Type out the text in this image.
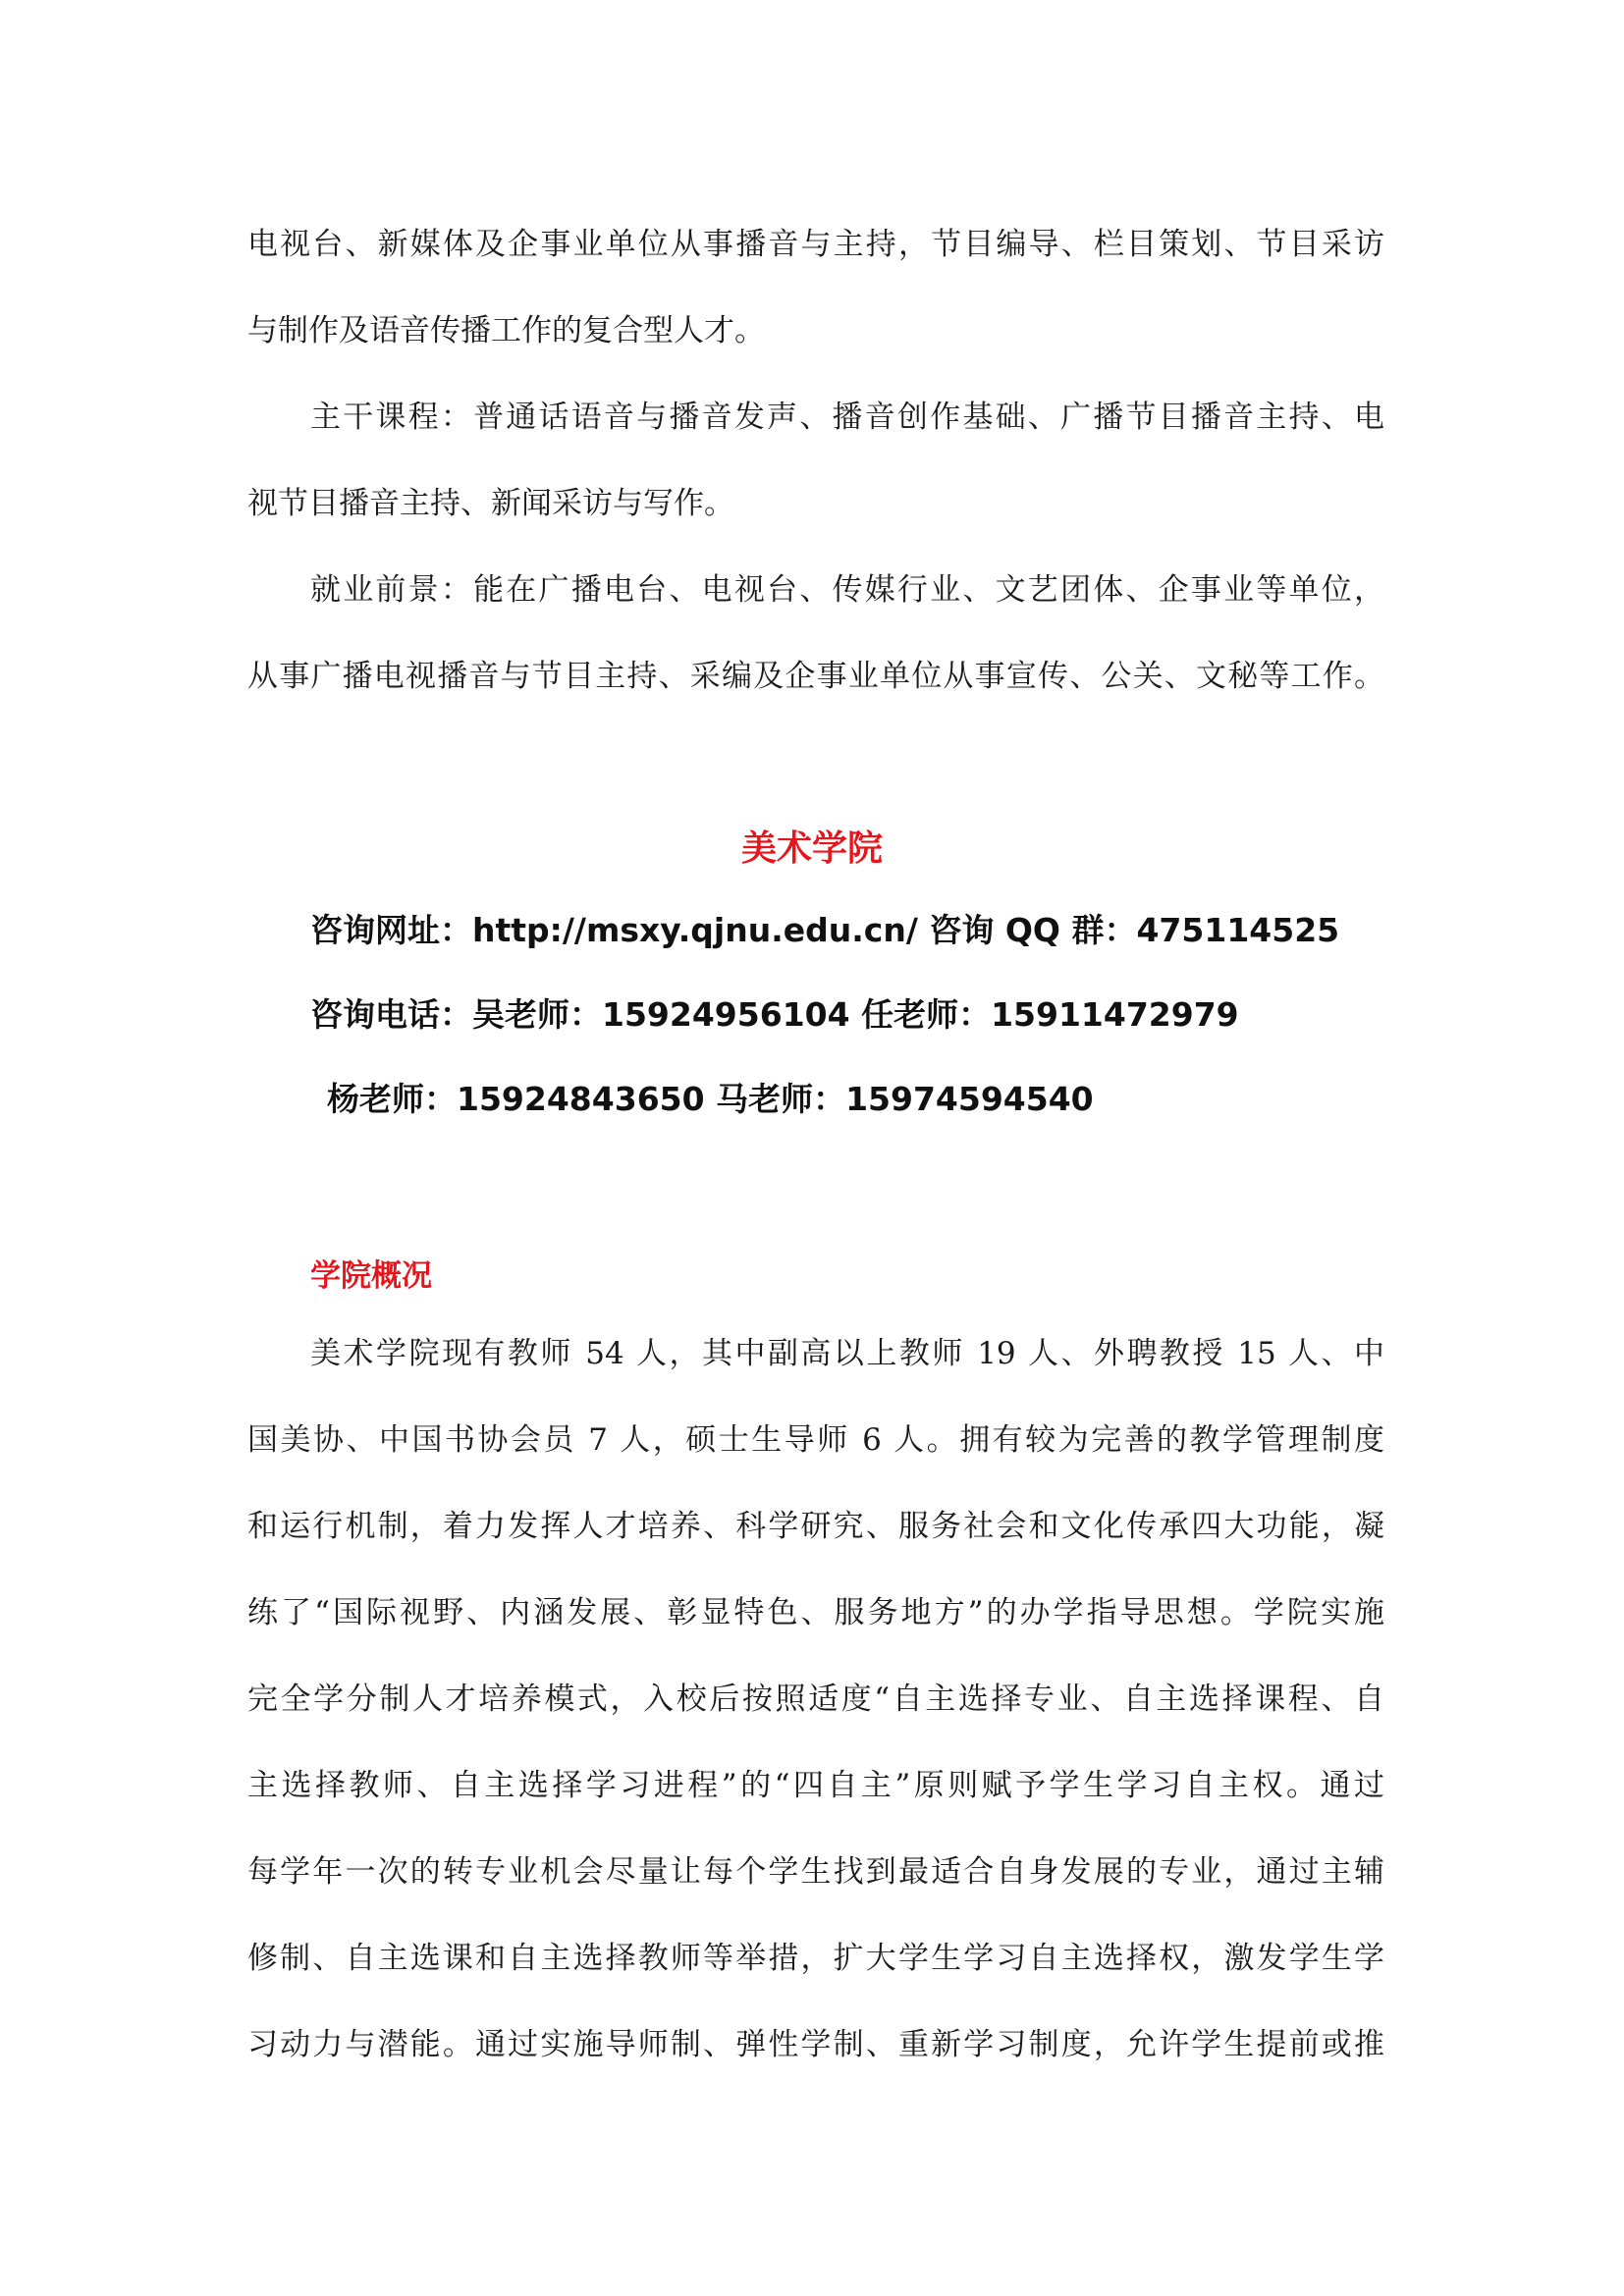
电视台、新媒体及企事业单位从事播音与主持，节目编导、栏目策划、节目采访
与制作及语音传播工作的复合型人才。
主干课程：普通话语音与播音发声、播音创作基础、广播节目播音主持、电
视节目播音主持、新闻采访与写作。
就业前景：能在广播电台、电视台、传媒行业、文艺团体、企事业等单位，
从事广播电视播音与节目主持、采编及企事业单位从事宣传、公关、文秘等工作。
美术学院
咨询网址：http://msxy.qjnu.edu.cn/ 咨询 QQ 群：475114525
咨询电话：吴老师：15924956104 任老师：15911472979
杨老师：15924843650 马老师：15974594540
学院概况
美术学院现有教师 54 人，其中副高以上教师 19 人、外聘教授 15 人、中
国美协、中国书协会员 7 人，硕士生导师 6 人。拥有较为完善的教学管理制度
和运行机制，着力发挥人才培养、科学研究、服务社会和文化传承四大功能，凝
练了“国际视野、内涵发展、彰显特色、服务地方”的办学指导思想。学院实施
完全学分制人才培养模式，入校后按照适度“自主选择专业、自主选择课程、自
主选择教师、自主选择学习进程”的“四自主”原则赋予学生学习自主权。通过
每学年一次的转专业机会尽量让每个学生找到最适合自身发展的专业，通过主辅
修制、自主选课和自主选择教师等举措，扩大学生学习自主选择权，激发学生学
习动力与潜能。通过实施导师制、弹性学制、重新学习制度，允许学生提前或推
